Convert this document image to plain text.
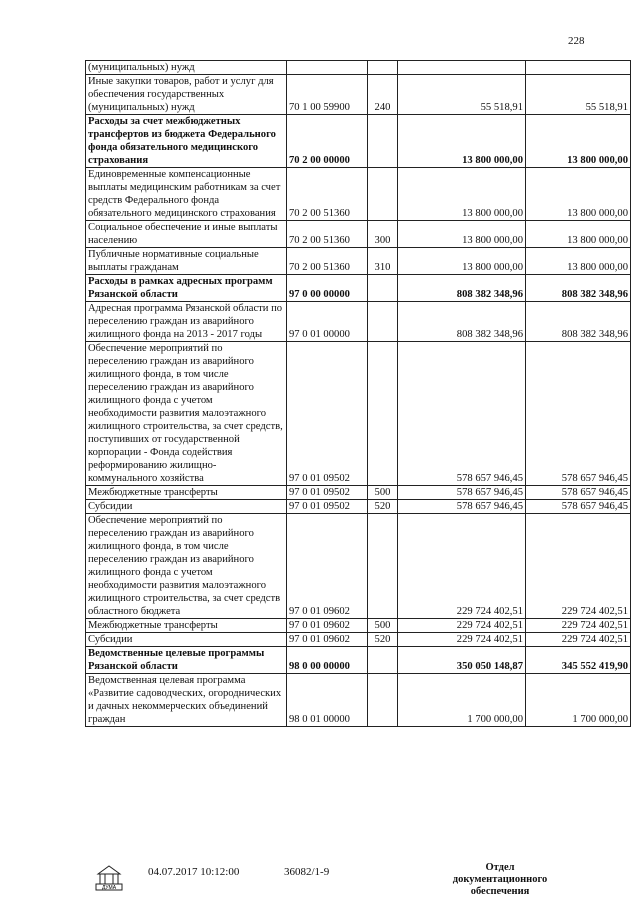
228
(муниципальных) нужд				
Иные закупки товаров, работ и услуг для обеспечения государственных (муниципальных) нужд	70 1 00 59900	240	55 518,91	55 518,91
Расходы за счет межбюджетных трансфертов из бюджета Федерального фонда обязательного медицинского страхования	70 2 00 00000		13 800 000,00	13 800 000,00
Единовременные компенсационные выплаты медицинским работникам за счет средств Федерального фонда обязательного медицинского страхования	70 2 00 51360		13 800 000,00	13 800 000,00
Социальное обеспечение и иные выплаты населению	70 2 00 51360	300	13 800 000,00	13 800 000,00
Публичные нормативные социальные выплаты гражданам	70 2 00 51360	310	13 800 000,00	13 800 000,00
Расходы в рамках адресных программ Рязанской области	97 0 00 00000		808 382 348,96	808 382 348,96
Адресная программа Рязанской области по переселению граждан из аварийного жилищного фонда на 2013 - 2017 годы	97 0 01 00000		808 382 348,96	808 382 348,96
Обеспечение мероприятий по переселению граждан из аварийного жилищного фонда, в том числе переселению граждан из аварийного жилищного фонда с учетом необходимости развития малоэтажного жилищного строительства, за счет средств, поступивших от государственной корпорации - Фонда содействия реформированию жилищно-коммунального хозяйства	97 0 01 09502		578 657 946,45	578 657 946,45
Межбюджетные трансферты	97 0 01 09502	500	578 657 946,45	578 657 946,45
Субсидии	97 0 01 09502	520	578 657 946,45	578 657 946,45
Обеспечение мероприятий по переселению граждан из аварийного жилищного фонда, в том числе переселению граждан из аварийного жилищного фонда с учетом необходимости развития малоэтажного жилищного строительства, за счет средств областного бюджета	97 0 01 09602		229 724 402,51	229 724 402,51
Межбюджетные трансферты	97 0 01 09602	500	229 724 402,51	229 724 402,51
Субсидии	97 0 01 09602	520	229 724 402,51	229 724 402,51
Ведомственные целевые программы Рязанской области	98 0 00 00000		350 050 148,87	345 552 419,90
Ведомственная целевая программа «Развитие садоводческих, огороднических и дачных некоммерческих объединений граждан	98 0 01 00000		1 700 000,00	1 700 000,00
ДУМА
04.07.2017 10:12:00	36082/1-9	Отдел документационного обеспечения
